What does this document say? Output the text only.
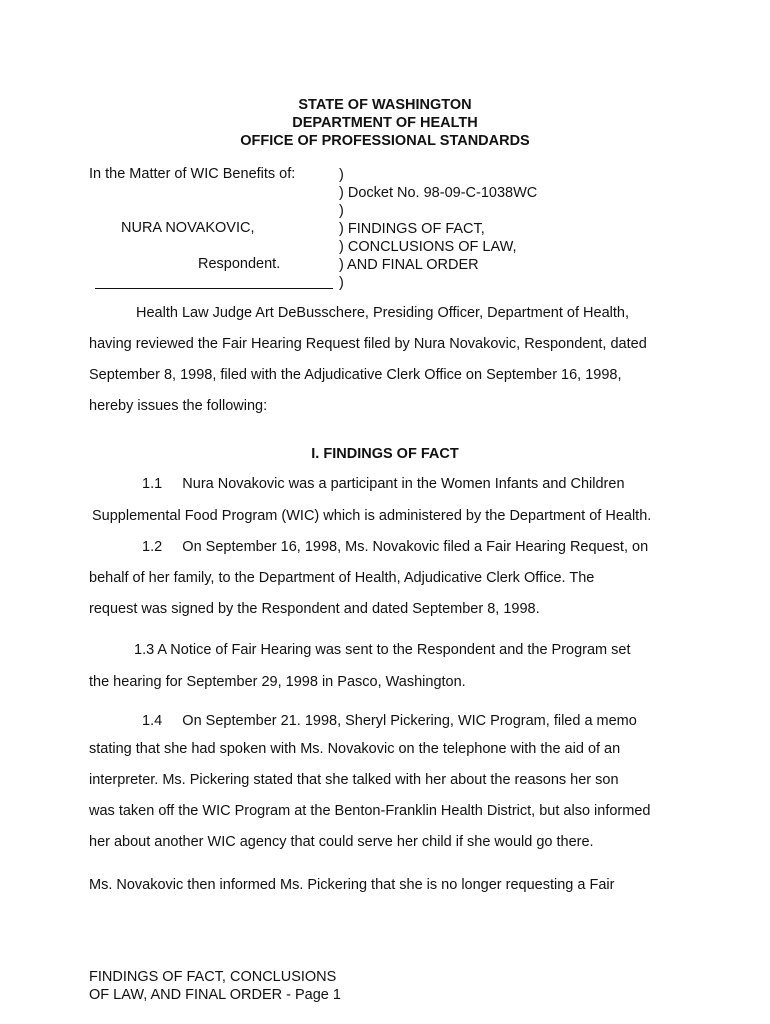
STATE OF WASHINGTON
DEPARTMENT OF HEALTH
OFFICE OF PROFESSIONAL STANDARDS
In the Matter of WIC Benefits of:
NURA NOVAKOVIC,
Respondent.
)
) Docket No. 98-09-C-1038WC
)
) FINDINGS OF FACT,
) CONCLUSIONS OF LAW,
) AND FINAL ORDER
)
Health Law Judge Art DeBusschere, Presiding Officer, Department of Health,
having reviewed the Fair Hearing Request filed by Nura Novakovic, Respondent, dated
September 8, 1998, filed with the Adjudicative Clerk Office on September 16, 1998,
hereby issues the following:
I. FINDINGS OF FACT
1.1     Nura Novakovic was a participant in the Women Infants and Children
Supplemental Food Program (WIC) which is administered by the Department of Health.
1.2     On September 16, 1998, Ms. Novakovic filed a Fair Hearing Request, on
behalf of her family, to the Department of Health, Adjudicative Clerk Office. The
request was signed by the Respondent and dated September 8, 1998.
1.3 A Notice of Fair Hearing was sent to the Respondent and the Program set
the hearing for September 29, 1998 in Pasco, Washington.
1.4     On September 21. 1998, Sheryl Pickering, WIC Program, filed a memo
stating that she had spoken with Ms. Novakovic on the telephone with the aid of an
interpreter. Ms. Pickering stated that she talked with her about the reasons her son
was taken off the WIC Program at the Benton-Franklin Health District, but also informed
her about another WIC agency that could serve her child if she would go there.
Ms. Novakovic then informed Ms. Pickering that she is no longer requesting a Fair
FINDINGS OF FACT, CONCLUSIONS
OF LAW, AND FINAL ORDER - Page 1
